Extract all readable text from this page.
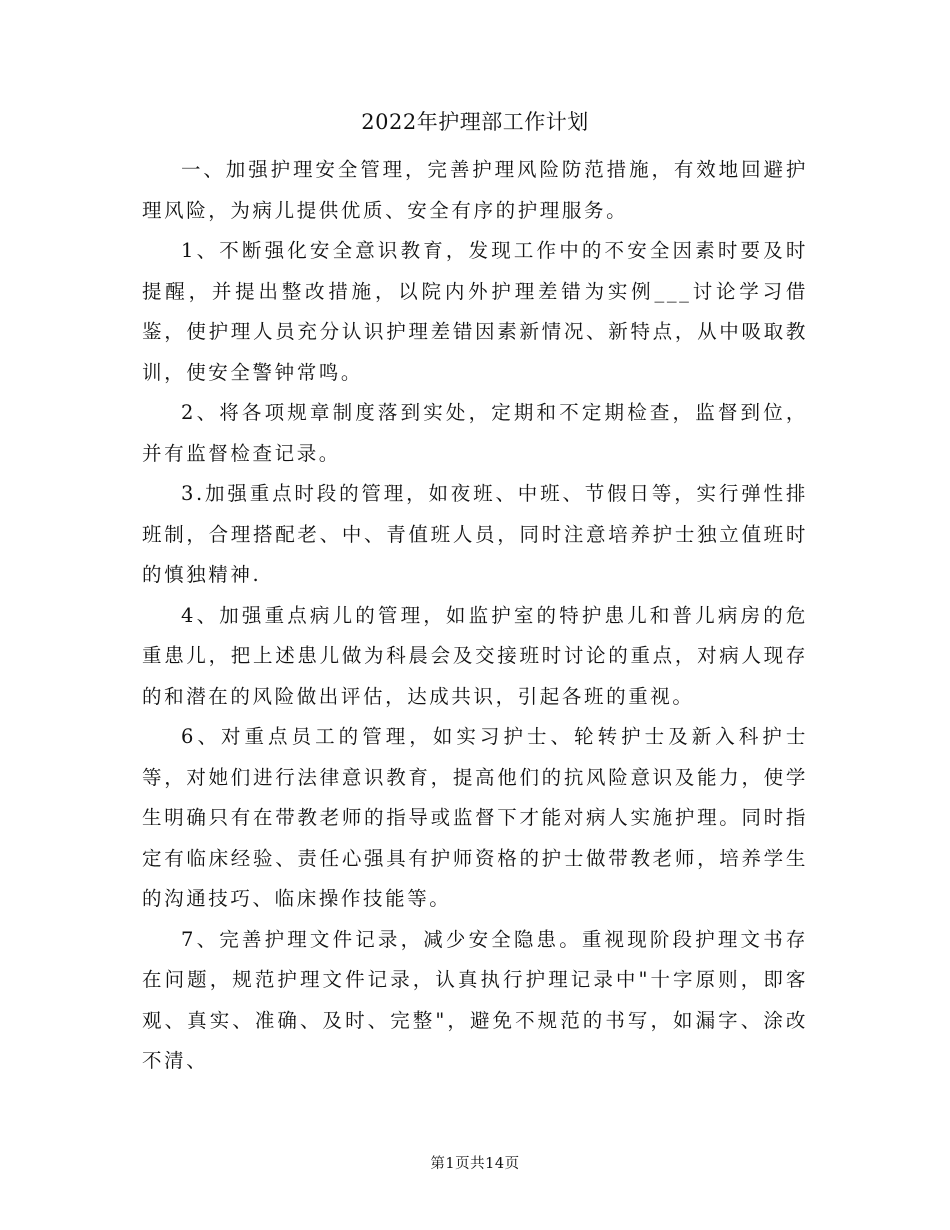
2022年护理部工作计划

一、加强护理安全管理，完善护理风险防范措施，有效地回避护理风险，为病儿提供优质、安全有序的护理服务。

1、不断强化安全意识教育，发现工作中的不安全因素时要及时提醒，并提出整改措施，以院内外护理差错为实例___讨论学习借鉴，使护理人员充分认识护理差错因素新情况、新特点，从中吸取教训，使安全警钟常鸣。

2、将各项规章制度落到实处，定期和不定期检查，监督到位，并有监督检查记录。

3.加强重点时段的管理，如夜班、中班、节假日等，实行弹性排班制，合理搭配老、中、青值班人员，同时注意培养护士独立值班时的慎独精神.

4、加强重点病儿的管理，如监护室的特护患儿和普儿病房的危重患儿，把上述患儿做为科晨会及交接班时讨论的重点，对病人现存的和潜在的风险做出评估，达成共识，引起各班的重视。

6、对重点员工的管理，如实习护士、轮转护士及新入科护士等，对她们进行法律意识教育，提高他们的抗风险意识及能力，使学生明确只有在带教老师的指导或监督下才能对病人实施护理。同时指定有临床经验、责任心强具有护师资格的护士做带教老师，培养学生的沟通技巧、临床操作技能等。

7、完善护理文件记录，减少安全隐患。重视现阶段护理文书存在问题，规范护理文件记录，认真执行护理记录中"十字原则，即客观、真实、准确、及时、完整"，避免不规范的书写，如漏字、涂改不清、

第1页共14页
